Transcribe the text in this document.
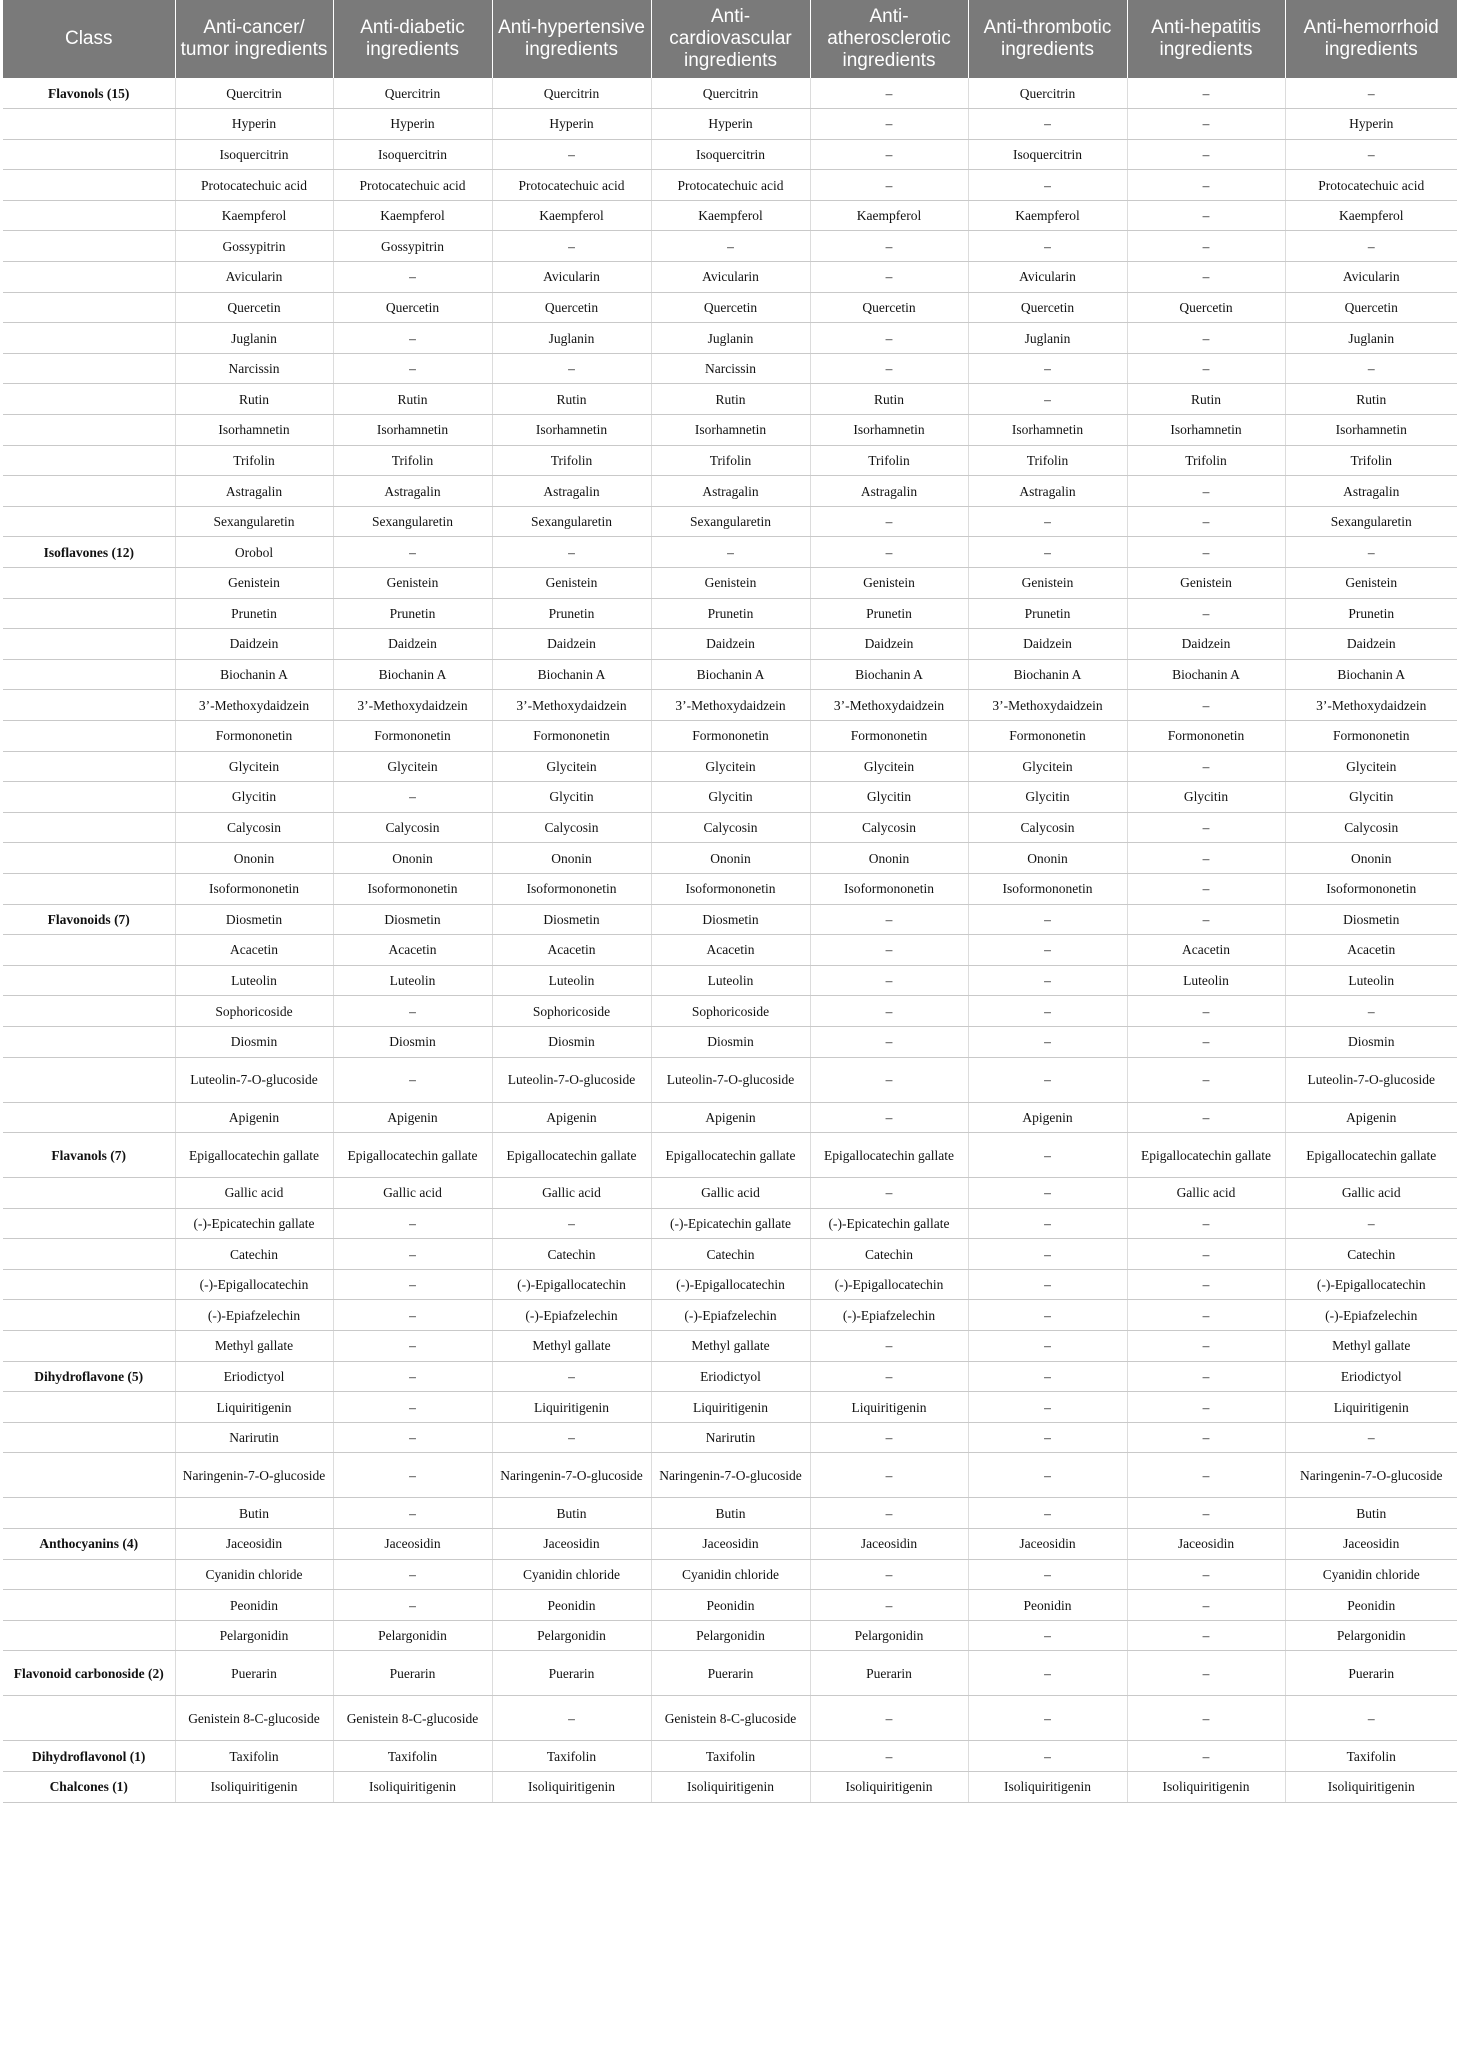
Class	Anti-cancer/ tumor ingredients	Anti-diabetic ingredients	Anti-hypertensive ingredients	Anti-cardiovascular ingredients	Anti-atherosclerotic ingredients	Anti-thrombotic ingredients	Anti-hepatitis ingredients	Anti-hemorrhoid ingredients
Flavonols (15)	Quercitrin	Quercitrin	Quercitrin	Quercitrin	–	Quercitrin	–	–
	Hyperin	Hyperin	Hyperin	Hyperin	–	–	–	Hyperin
	Isoquercitrin	Isoquercitrin	–	Isoquercitrin	–	Isoquercitrin	–	–
	Protocatechuic acid	Protocatechuic acid	Protocatechuic acid	Protocatechuic acid	–	–	–	Protocatechuic acid
	Kaempferol	Kaempferol	Kaempferol	Kaempferol	Kaempferol	Kaempferol	–	Kaempferol
	Gossypitrin	Gossypitrin	–	–	–	–	–	–
	Avicularin	–	Avicularin	Avicularin	–	Avicularin	–	Avicularin
	Quercetin	Quercetin	Quercetin	Quercetin	Quercetin	Quercetin	Quercetin	Quercetin
	Juglanin	–	Juglanin	Juglanin	–	Juglanin	–	Juglanin
	Narcissin	–	–	Narcissin	–	–	–	–
	Rutin	Rutin	Rutin	Rutin	Rutin	–	Rutin	Rutin
	Isorhamnetin	Isorhamnetin	Isorhamnetin	Isorhamnetin	Isorhamnetin	Isorhamnetin	Isorhamnetin	Isorhamnetin
	Trifolin	Trifolin	Trifolin	Trifolin	Trifolin	Trifolin	Trifolin	Trifolin
	Astragalin	Astragalin	Astragalin	Astragalin	Astragalin	Astragalin	–	Astragalin
	Sexangularetin	Sexangularetin	Sexangularetin	Sexangularetin	–	–	–	Sexangularetin
Isoflavones (12)	Orobol	–	–	–	–	–	–	–
	Genistein	Genistein	Genistein	Genistein	Genistein	Genistein	Genistein	Genistein
	Prunetin	Prunetin	Prunetin	Prunetin	Prunetin	Prunetin	–	Prunetin
	Daidzein	Daidzein	Daidzein	Daidzein	Daidzein	Daidzein	Daidzein	Daidzein
	Biochanin A	Biochanin A	Biochanin A	Biochanin A	Biochanin A	Biochanin A	Biochanin A	Biochanin A
	3’-Methoxydaidzein	3’-Methoxydaidzein	3’-Methoxydaidzein	3’-Methoxydaidzein	3’-Methoxydaidzein	3’-Methoxydaidzein	–	3’-Methoxydaidzein
	Formononetin	Formononetin	Formononetin	Formononetin	Formononetin	Formononetin	Formononetin	Formononetin
	Glycitein	Glycitein	Glycitein	Glycitein	Glycitein	Glycitein	–	Glycitein
	Glycitin	–	Glycitin	Glycitin	Glycitin	Glycitin	Glycitin	Glycitin
	Calycosin	Calycosin	Calycosin	Calycosin	Calycosin	Calycosin	–	Calycosin
	Ononin	Ononin	Ononin	Ononin	Ononin	Ononin	–	Ononin
	Isoformononetin	Isoformononetin	Isoformononetin	Isoformononetin	Isoformononetin	Isoformononetin	–	Isoformononetin
Flavonoids (7)	Diosmetin	Diosmetin	Diosmetin	Diosmetin	–	–	–	Diosmetin
	Acacetin	Acacetin	Acacetin	Acacetin	–	–	Acacetin	Acacetin
	Luteolin	Luteolin	Luteolin	Luteolin	–	–	Luteolin	Luteolin
	Sophoricoside	–	Sophoricoside	Sophoricoside	–	–	–	–
	Diosmin	Diosmin	Diosmin	Diosmin	–	–	–	Diosmin
	Luteolin-7-O-glucoside	–	Luteolin-7-O-glucoside	Luteolin-7-O-glucoside	–	–	–	Luteolin-7-O-glucoside
	Apigenin	Apigenin	Apigenin	Apigenin	–	Apigenin	–	Apigenin
Flavanols (7)	Epigallocatechin gallate	Epigallocatechin gallate	Epigallocatechin gallate	Epigallocatechin gallate	Epigallocatechin gallate	–	Epigallocatechin gallate	Epigallocatechin gallate
	Gallic acid	Gallic acid	Gallic acid	Gallic acid	–	–	Gallic acid	Gallic acid
	(-)-Epicatechin gallate	–	–	(-)-Epicatechin gallate	(-)-Epicatechin gallate	–	–	–
	Catechin	–	Catechin	Catechin	Catechin	–	–	Catechin
	(-)-Epigallocatechin	–	(-)-Epigallocatechin	(-)-Epigallocatechin	(-)-Epigallocatechin	–	–	(-)-Epigallocatechin
	(-)-Epiafzelechin	–	(-)-Epiafzelechin	(-)-Epiafzelechin	(-)-Epiafzelechin	–	–	(-)-Epiafzelechin
	Methyl gallate	–	Methyl gallate	Methyl gallate	–	–	–	Methyl gallate
Dihydroflavone (5)	Eriodictyol	–	–	Eriodictyol	–	–	–	Eriodictyol
	Liquiritigenin	–	Liquiritigenin	Liquiritigenin	Liquiritigenin	–	–	Liquiritigenin
	Narirutin	–	–	Narirutin	–	–	–	–
	Naringenin-7-O-glucoside	–	Naringenin-7-O-glucoside	Naringenin-7-O-glucoside	–	–	–	Naringenin-7-O-glucoside
	Butin	–	Butin	Butin	–	–	–	Butin
Anthocyanins (4)	Jaceosidin	Jaceosidin	Jaceosidin	Jaceosidin	Jaceosidin	Jaceosidin	Jaceosidin	Jaceosidin
	Cyanidin chloride	–	Cyanidin chloride	Cyanidin chloride	–	–	–	Cyanidin chloride
	Peonidin	–	Peonidin	Peonidin	–	Peonidin	–	Peonidin
	Pelargonidin	Pelargonidin	Pelargonidin	Pelargonidin	Pelargonidin	–	–	Pelargonidin
Flavonoid carbonoside (2)	Puerarin	Puerarin	Puerarin	Puerarin	Puerarin	–	–	Puerarin
	Genistein 8-C-glucoside	Genistein 8-C-glucoside	–	Genistein 8-C-glucoside	–	–	–	–
Dihydroflavonol (1)	Taxifolin	Taxifolin	Taxifolin	Taxifolin	–	–	–	Taxifolin
Chalcones (1)	Isoliquiritigenin	Isoliquiritigenin	Isoliquiritigenin	Isoliquiritigenin	Isoliquiritigenin	Isoliquiritigenin	Isoliquiritigenin	Isoliquiritigenin
